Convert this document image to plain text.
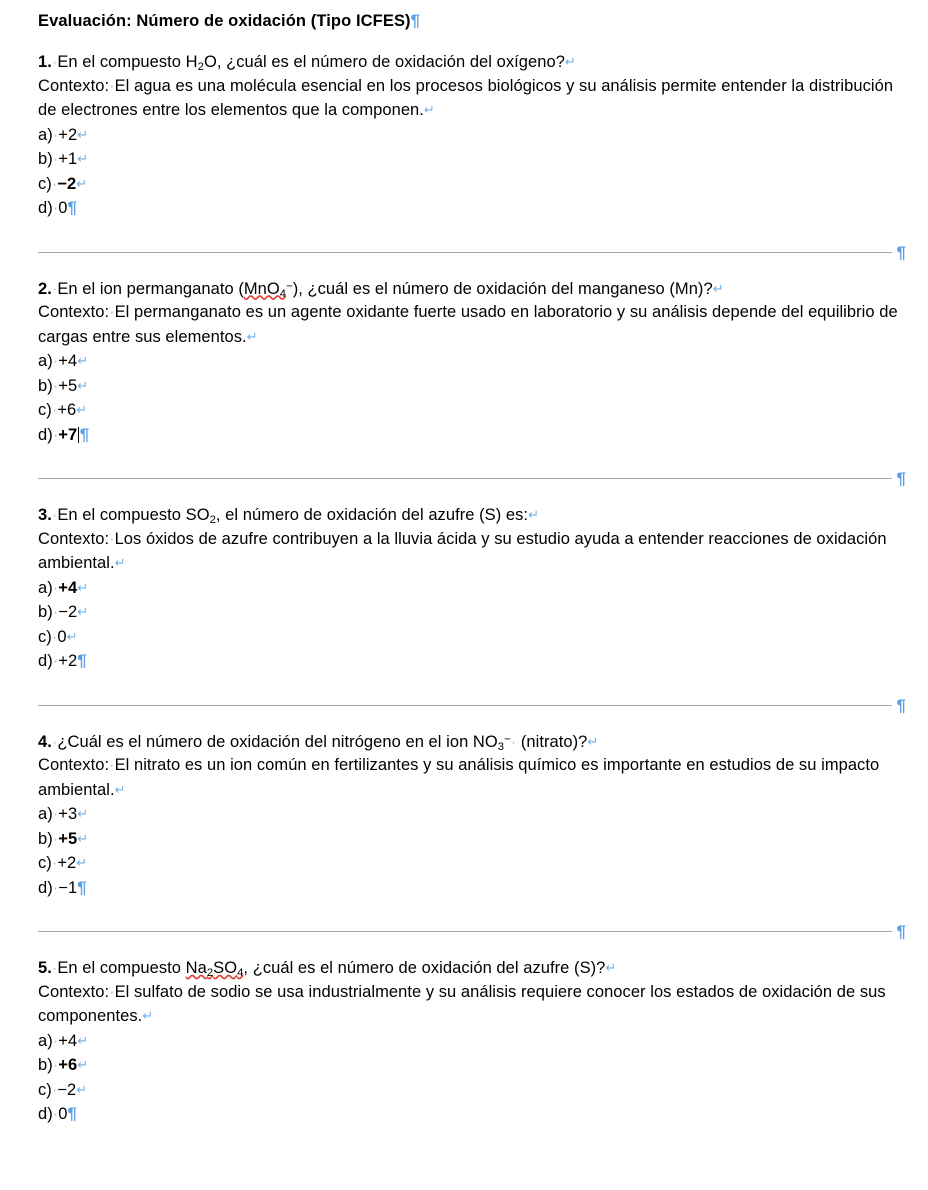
Evaluación: Número de oxidación (Tipo ICFES)¶
1.·En el compuesto $H_2O$, ¿cuál es el número de oxidación del oxígeno?↵
Contexto:·El agua es una molécula esencial en los procesos biológicos y su análisis permite entender la distribución de electrones entre los elementos que la componen.↵
a)·+2↵
b)·+1↵
c)·−2↵
d)·0¶
¶
2.·En el ion permanganato (MnO$_4$−), ¿cuál es el número de oxidación del manganeso (Mn)?↵
Contexto:·El permanganato es un agente oxidante fuerte usado en laboratorio y su análisis depende del equilibrio de cargas entre sus elementos.↵
a)·+4↵
b)·+5↵
c)·+6↵
d)·+7 ¶
¶
3.·En el compuesto $SO_2$, el número de oxidación del azufre (S) es:↵
Contexto:·Los óxidos de azufre contribuyen a la lluvia ácida y su estudio ayuda a entender reacciones de oxidación ambiental.↵
a)·+4↵
b)·−2↵
c)·0↵
d)·+2¶
¶
4.·¿Cuál es el número de oxidación del nitrógeno en el ion $NO_3^-\cdot$ (nitrato)?↵
Contexto:·El nitrato es un ion común en fertilizantes y su análisis químico es importante en estudios de su impacto ambiental.↵
a)·+3↵
b)·+5↵
c)·+2↵
d)·−1¶
¶
5.·En el compuesto $Na_2SO_4$, ¿cuál es el número de oxidación del azufre (S)?↵
Contexto:·El sulfato de sodio se usa industrialmente y su análisis requiere conocer los estados de oxidación de sus componentes.↵
a)·+4↵
b)·+6↵
c)·−2↵
d)·0¶
